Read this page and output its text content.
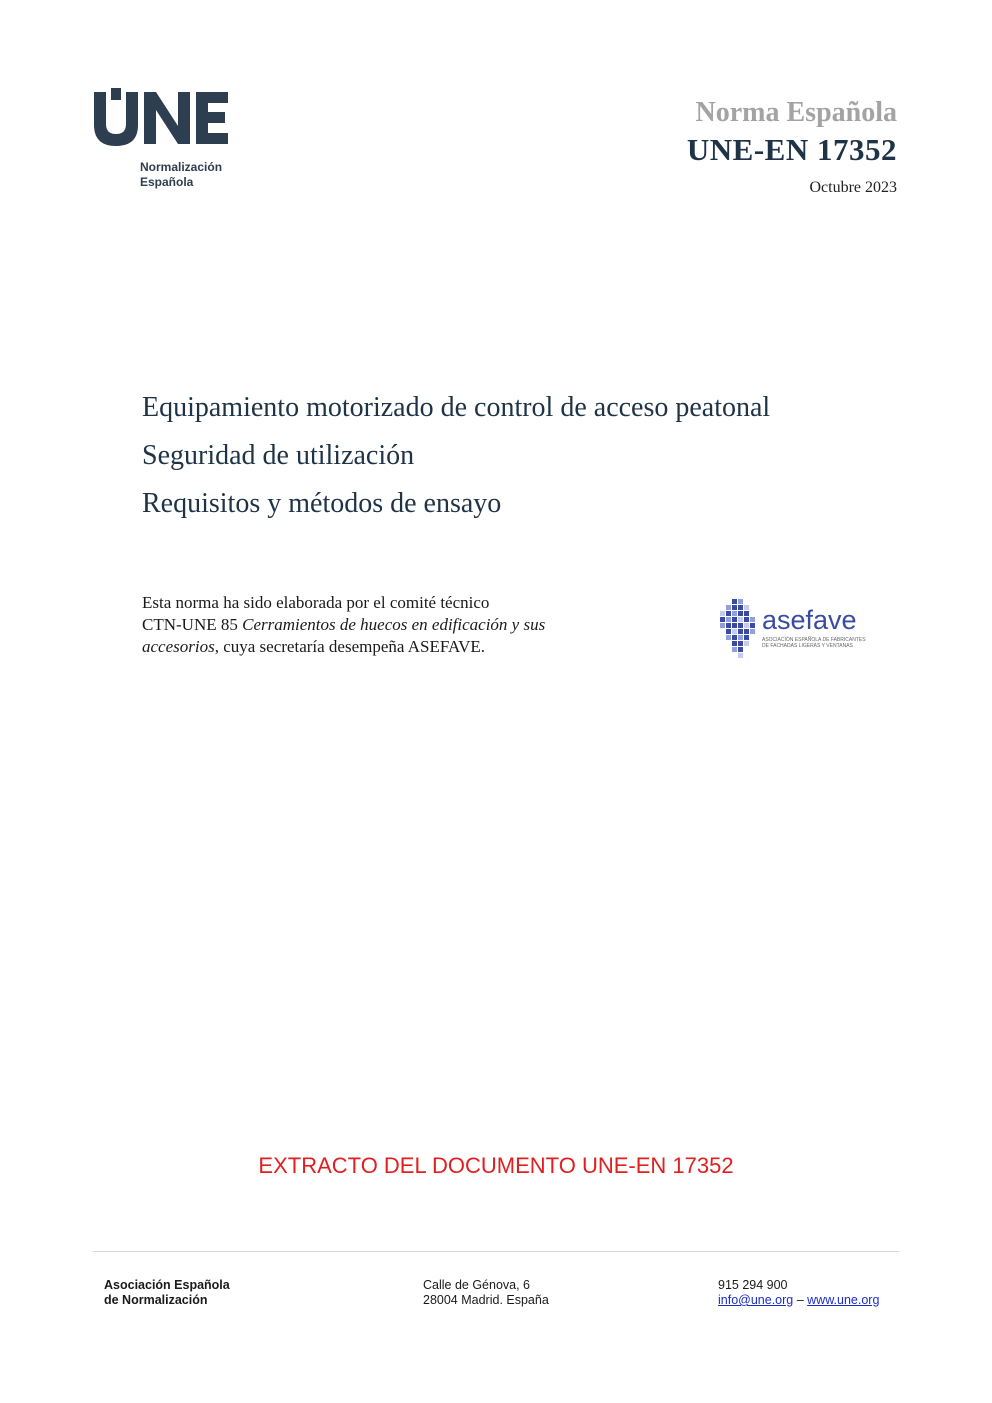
Normalización
Española
Norma Española
UNE-EN 17352
Octubre 2023
Equipamiento motorizado de control de acceso peatonal
Seguridad de utilización
Requisitos y métodos de ensayo
Esta norma ha sido elaborada por el comité técnico
CTN-UNE 85 Cerramientos de huecos en edificación y sus
accesorios, cuya secretaría desempeña ASEFAVE.
asefave
ASOCIACIÓN ESPAÑOLA DE FABRICANTES
DE FACHADAS LIGERAS Y VENTANAS
EXTRACTO DEL DOCUMENTO UNE-EN 17352
Asociación Española
de Normalización
Calle de Génova, 6
28004 Madrid. España
915 294 900
info@une.org – www.une.org
